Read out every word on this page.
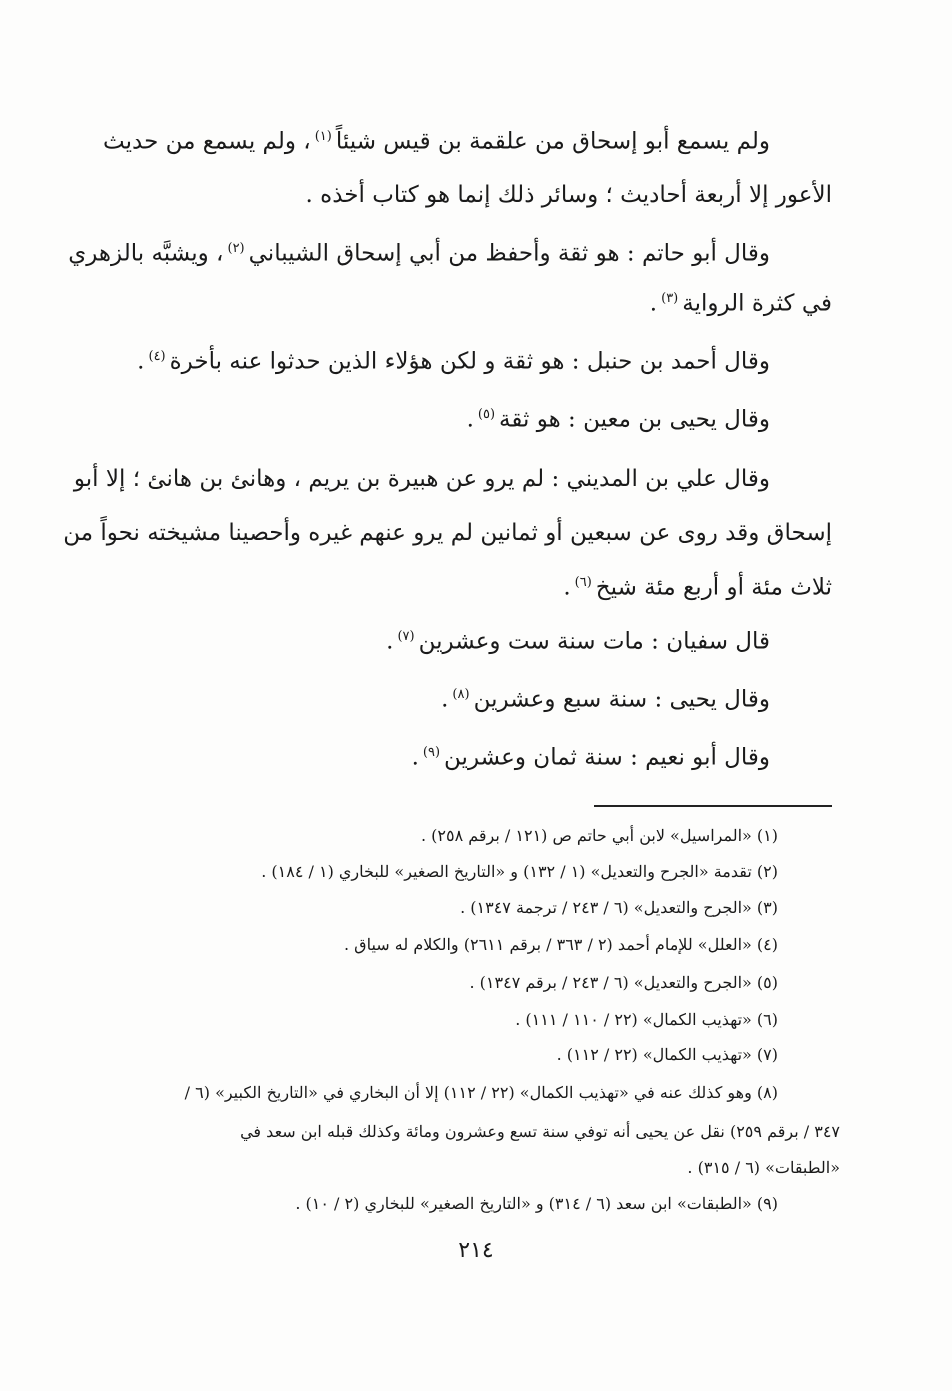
ولم يسمع أبو إسحاق من علقمة بن قيس شيئاً$^{(١)}$، ولم يسمع من حديث
الأعور إلا أربعة أحاديث ؛ وسائر ذلك إنما هو كتاب أخذه .
وقال أبو حاتم : هو ثقة وأحفظ من أبي إسحاق الشيباني$^{(٢)}$، ويشبَّه بالزهري
في كثرة الرواية$^{(٣)}$.
وقال أحمد بن حنبل : هو ثقة و لكن هؤلاء الذين حدثوا عنه بأخرة$^{(٤)}$.
وقال يحيى بن معين : هو ثقة$^{(٥)}$.
وقال علي بن المديني : لم يرو عن هبيرة بن يريم ، وهانئ بن هانئ ؛ إلا أبو
إسحاق وقد روى عن سبعين أو ثمانين لم يرو عنهم غيره وأحصينا مشيخته نحواً من
ثلاث مئة أو أربع مئة شيخ$^{(٦)}$.
قال سفيان : مات سنة ست وعشرين$^{(٧)}$.
وقال يحيى : سنة سبع وعشرين$^{(٨)}$.
وقال أبو نعيم : سنة ثمان وعشرين$^{(٩)}$.
(١) «المراسيل» لابن أبي حاتم ص (١٢١ / برقم ٢٥٨) .
(٢) تقدمة «الجرح والتعديل» (١ / ١٣٢) و «التاريخ الصغير» للبخاري (١ / ١٨٤) .
(٣) «الجرح والتعديل» (٦ / ٢٤٣ / ترجمة ١٣٤٧) .
(٤) «العلل» للإمام أحمد (٢ / ٣٦٣ / برقم ٢٦١١) والكلام له سياق .
(٥) «الجرح والتعديل» (٦ / ٢٤٣ / برقم ١٣٤٧) .
(٦) «تهذيب الكمال» (٢٢ / ١١٠ / ١١١) .
(٧) «تهذيب الكمال» (٢٢ / ١١٢) .
(٨) وهو كذلك عنه في «تهذيب الكمال» (٢٢ / ١١٢) إلا أن البخاري في «التاريخ الكبير» (٦ /
٣٤٧ / برقم ٢٥٩) نقل عن يحيى أنه توفي سنة تسع وعشرون ومائة وكذلك قبله ابن سعد في
«الطبقات» (٦ / ٣١٥) .
(٩) «الطبقات» ابن سعد (٦ / ٣١٤) و «التاريخ الصغير» للبخاري (٢ / ١٠) .
٢١٤
